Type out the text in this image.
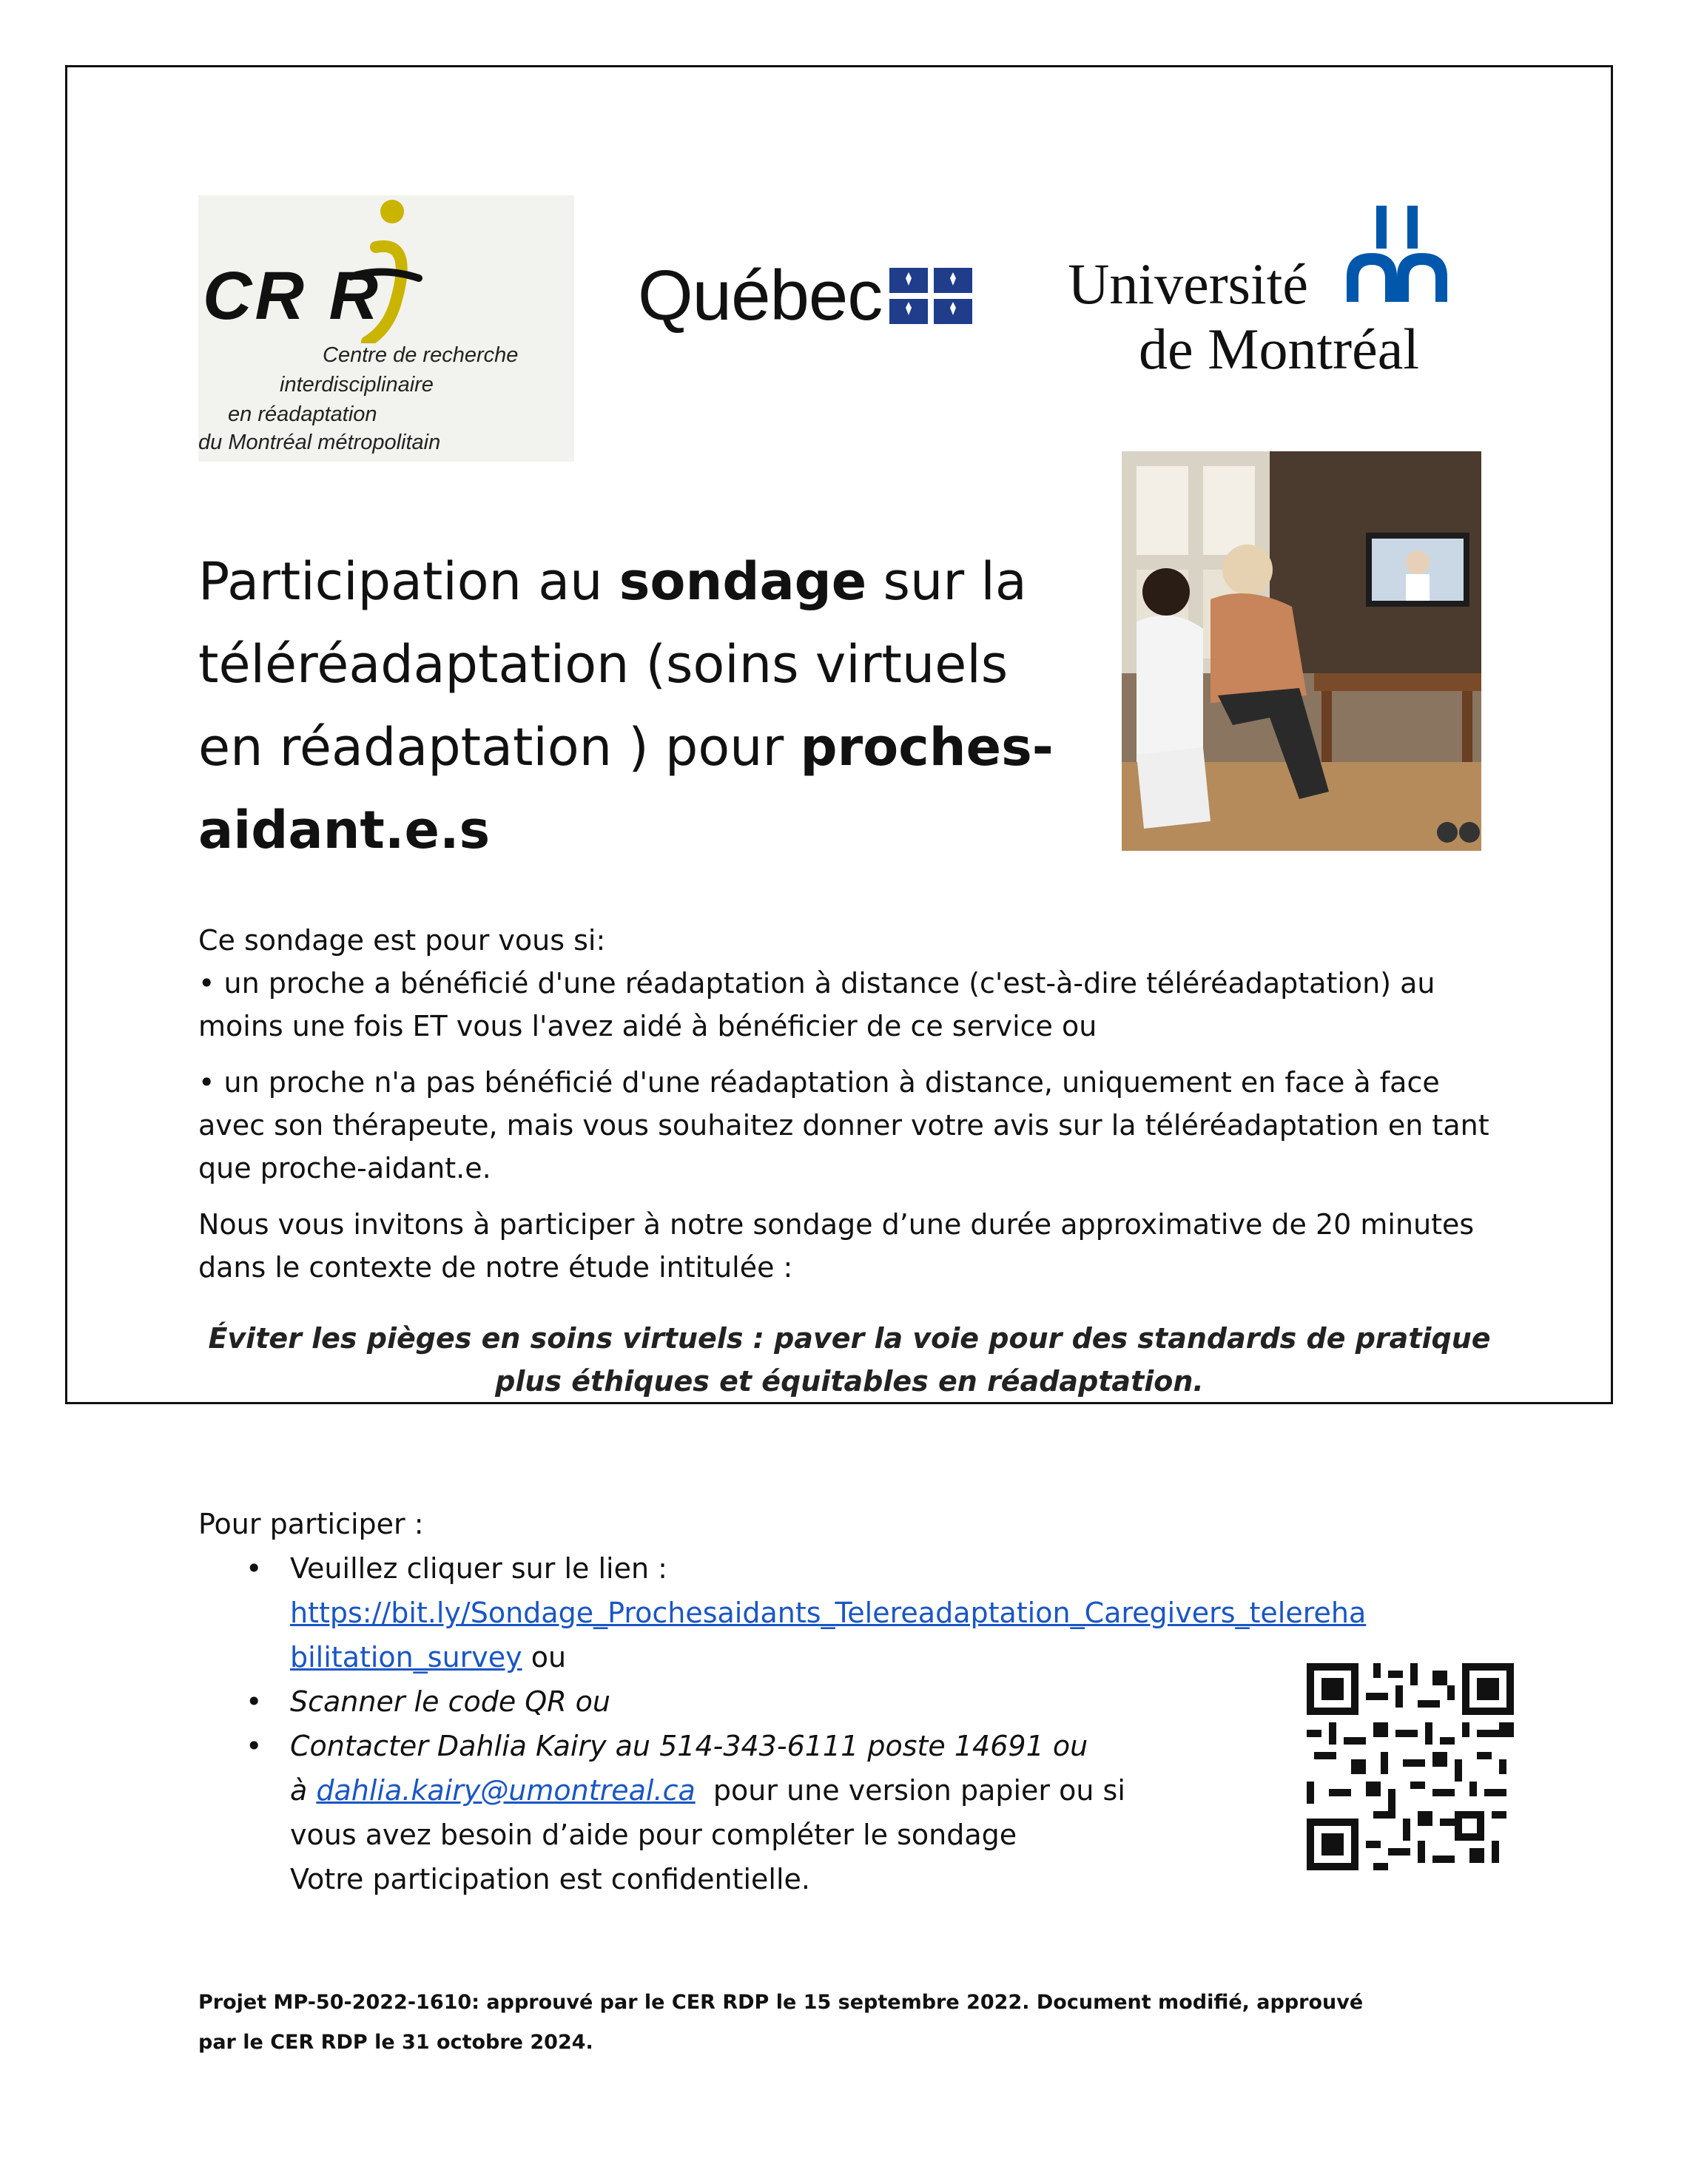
CR R
Centre de recherche
interdisciplinaire
en réadaptation
du Montréal métropolitain
Québec	Université
de Montréal
Participation au sondage sur la téléréadaptation (soins virtuels en réadaptation ) pour proches-aidant.e.s

Ce sondage est pour vous si:

• un proche a bénéficié d'une réadaptation à distance (c'est-à-dire téléréadaptation) au moins une fois ET vous l'avez aidé à bénéficier de ce service ou

• un proche n'a pas bénéficié d'une réadaptation à distance, uniquement en face à face avec son thérapeute, mais vous souhaitez donner votre avis sur la téléréadaptation en tant que proche-aidant.e.

Nous vous invitons à participer à notre sondage d’une durée approximative de 20 minutes dans le contexte de notre étude intitulée :

Éviter les pièges en soins virtuels : paver la voie pour des standards de pratique plus éthiques et équitables en réadaptation.

Pour participer :
• Veuillez cliquer sur le lien :
https://bit.ly/Sondage_Prochesaidants_Telereadaptation_Caregivers_telereha
bilitation_survey ou
• Scanner le code QR ou
• Contacter Dahlia Kairy au 514-343-6111 poste 14691 ou
à dahlia.kairy@umontreal.ca  pour une version papier ou si
vous avez besoin d’aide pour compléter le sondage
Votre participation est confidentielle.
Projet MP-50-2022-1610: approuvé par le CER RDP le 15 septembre 2022. Document modifié, approuvé
par le CER RDP le 31 octobre 2024.
